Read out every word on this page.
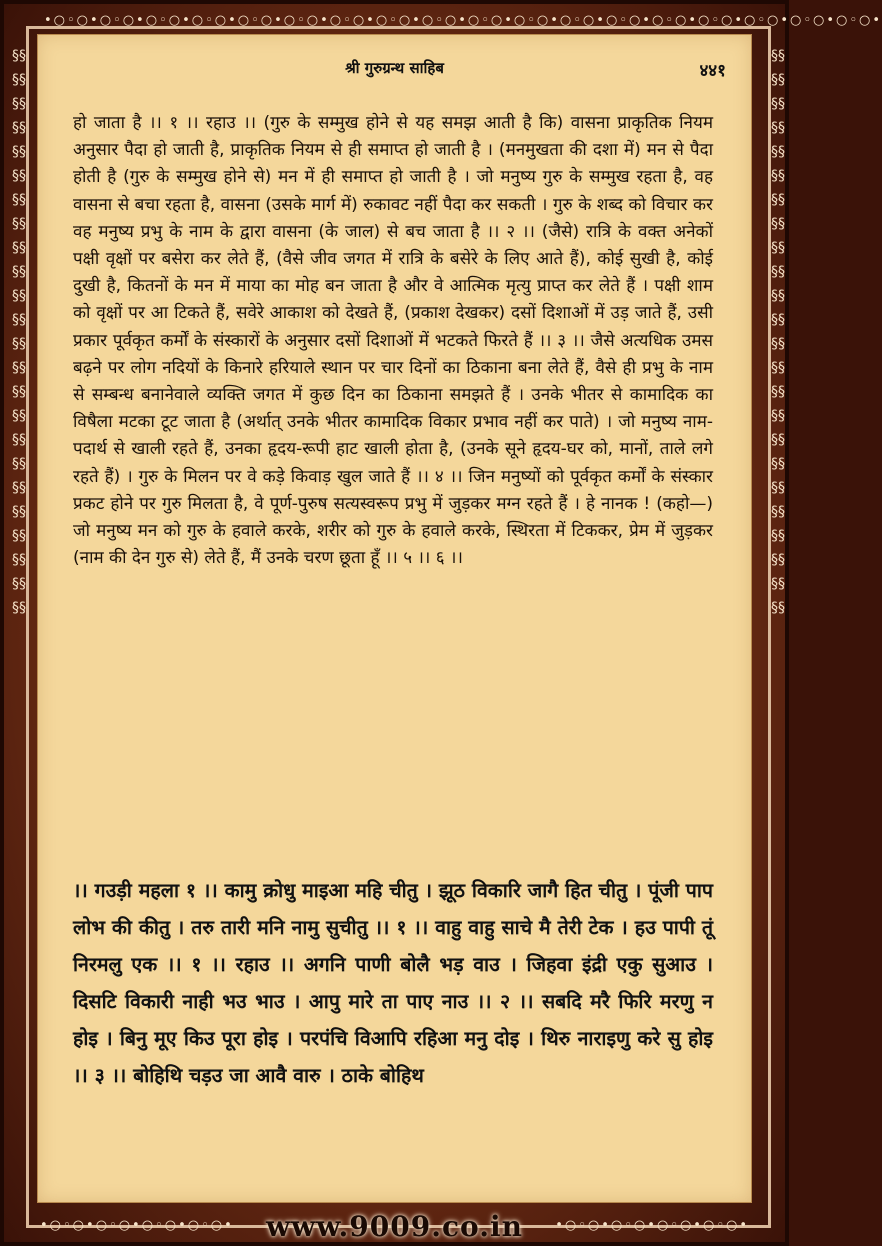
•○◦○•○◦○•○◦○•○◦○•○◦○•○◦○•○◦○•○◦○•○◦○•○◦○•○◦○•○◦○•○◦○•○◦○•○◦○•○◦○•○◦○•○◦○•
§§§§§§§§§§§§§§§§§§§§§§§§§§§§§§§§§§§§§§§§§§§§§§§§
§§§§§§§§§§§§§§§§§§§§§§§§§§§§§§§§§§§§§§§§§§§§§§§§
श्री गुरुग्रन्थ साहिब	४४१
हो जाता है ।। १ ।। रहाउ ।। (गुरु के सम्मुख होने से यह समझ आती है कि) वासना प्राकृतिक नियम अनुसार पैदा हो जाती है, प्राकृतिक नियम से ही समाप्त हो जाती है । (मनमुखता की दशा में) मन से पैदा होती है (गुरु के सम्मुख होने से) मन में ही समाप्त हो जाती है । जो मनुष्य गुरु के सम्मुख रहता है, वह वासना से बचा रहता है, वासना (उसके मार्ग में) रुकावट नहीं पैदा कर सकती । गुरु के शब्द को विचार कर वह मनुष्य प्रभु के नाम के द्वारा वासना (के जाल) से बच जाता है ।। २ ।। (जैसे) रात्रि के वक्त अनेकों पक्षी वृक्षों पर बसेरा कर लेते हैं, (वैसे जीव जगत में रात्रि के बसेरे के लिए आते हैं), कोई सुखी है, कोई दुखी है, कितनों के मन में माया का मोह बन जाता है और वे आत्मिक मृत्यु प्राप्त कर लेते हैं । पक्षी शाम को वृक्षों पर आ टिकते हैं, सवेरे आकाश को देखते हैं, (प्रकाश देखकर) दसों दिशाओं में उड़ जाते हैं, उसी प्रकार पूर्वकृत कर्मों के संस्कारों के अनुसार दसों दिशाओं में भटकते फिरते हैं ।। ३ ।। जैसे अत्यधिक उमस बढ़ने पर लोग नदियों के किनारे हरियाले स्थान पर चार दिनों का ठिकाना बना लेते हैं, वैसे ही प्रभु के नाम से सम्बन्ध बनानेवाले व्यक्ति जगत में कुछ दिन का ठिकाना समझते हैं । उनके भीतर से कामादिक का विषैला मटका टूट जाता है (अर्थात् उनके भीतर कामादिक विकार प्रभाव नहीं कर पाते) । जो मनुष्य नाम-पदार्थ से खाली रहते हैं, उनका हृदय-रूपी हाट खाली होता है, (उनके सूने हृदय-घर को, मानों, ताले लगे रहते हैं) । गुरु के मिलन पर वे कड़े किवाड़ खुल जाते हैं ।। ४ ।। जिन मनुष्यों को पूर्वकृत कर्मों के संस्कार प्रकट होने पर गुरु मिलता है, वे पूर्ण-पुरुष सत्यस्वरूप प्रभु में जुड़कर मग्न रहते हैं । हे नानक ! (कहो—) जो मनुष्य मन को गुरु के हवाले करके, शरीर को गुरु के हवाले करके, स्थिरता में टिककर, प्रेम में जुड़कर (नाम की देन गुरु से) लेते हैं, मैं उनके चरण छूता हूँ ।। ५ ।। ६ ।।
।। गउड़ी महला १ ।। कामु क्रोधु माइआ महि चीतु । झूठ विकारि जागै हित चीतु । पूंजी पाप लोभ की कीतु । तरु तारी मनि नामु सुचीतु ।। १ ।। वाहु वाहु साचे मै तेरी टेक । हउ पापी तूं निरमलु एक ।। १ ।। रहाउ ।। अगनि पाणी बोलै भड़ वाउ । जिहवा इंद्री एकु सुआउ । दिसटि विकारी नाही भउ भाउ । आपु मारे ता पाए नाउ ।। २ ।। सबदि मरै फिरि मरणु न होइ । बिनु मूए किउ पूरा होइ । परपंचि विआपि रहिआ मनु दोइ । थिरु नाराइणु करे सु होइ ।। ३ ।। बोहिथि चड़उ जा आवै वारु । ठाके बोहिथ
•○◦○•○◦○•○◦○•○◦○• www.9009.co.in •○◦○•○◦○•○◦○•○◦○•
